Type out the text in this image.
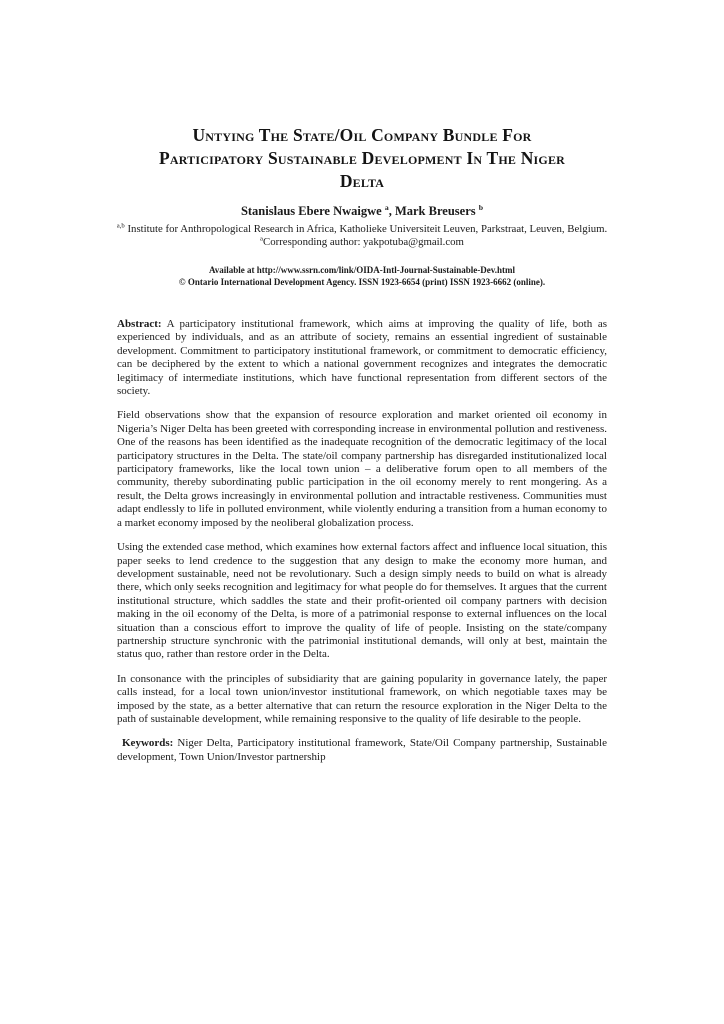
Untying The State/Oil Company Bundle For
Participatory Sustainable Development In The Niger
Delta
Stanislaus Ebere Nwaigwe $^a$, Mark Breusers $^b$
$^{a,b}$ Institute for Anthropological Research in Africa, Katholieke Universiteit Leuven, Parkstraat, Leuven, Belgium.
$^a$Corresponding author: yakpotuba@gmail.com
Available at http://www.ssrn.com/link/OIDA-Intl-Journal-Sustainable-Dev.html
© Ontario International Development Agency. ISSN 1923-6654 (print) ISSN 1923-6662 (online).

Abstract: A participatory institutional framework, which aims at improving the quality of life, both as experienced by individuals, and as an attribute of society, remains an essential ingredient of sustainable development. Commitment to participatory institutional framework, or commitment to democratic efficiency, can be deciphered by the extent to which a national government recognizes and integrates the democratic legitimacy of intermediate institutions, which have functional representation from different sectors of the society.

Field observations show that the expansion of resource exploration and market oriented oil economy in Nigeria’s Niger Delta has been greeted with corresponding increase in environmental pollution and restiveness. One of the reasons has been identified as the inadequate recognition of the democratic legitimacy of the local participatory structures in the Delta. The state/oil company partnership has disregarded institutionalized local participatory frameworks, like the local town union – a deliberative forum open to all members of the community, thereby subordinating public participation in the oil economy merely to rent mongering. As a result, the Delta grows increasingly in environmental pollution and intractable restiveness. Communities must adapt endlessly to life in polluted environment, while violently enduring a transition from a human economy to a market economy imposed by the neoliberal globalization process.

Using the extended case method, which examines how external factors affect and influence local situation, this paper seeks to lend credence to the suggestion that any design to make the economy more human, and development sustainable, need not be revolutionary. Such a design simply needs to build on what is already there, which only seeks recognition and legitimacy for what people do for themselves. It argues that the current institutional structure, which saddles the state and their profit-oriented oil company partners with decision making in the oil economy of the Delta, is more of a patrimonial response to external influences on the local situation than a conscious effort to improve the quality of life of people. Insisting on the state/company partnership structure synchronic with the patrimonial institutional demands, will only at best, maintain the status quo, rather than restore order in the Delta.

In consonance with the principles of subsidiarity that are gaining popularity in governance lately, the paper calls instead, for a local town union/investor institutional framework, on which negotiable taxes may be imposed by the state, as a better alternative that can return the resource exploration in the Niger Delta to the path of sustainable development, while remaining responsive to the quality of life desirable to the people.

Keywords: Niger Delta, Participatory institutional framework, State/Oil Company partnership, Sustainable development, Town Union/Investor partnership
